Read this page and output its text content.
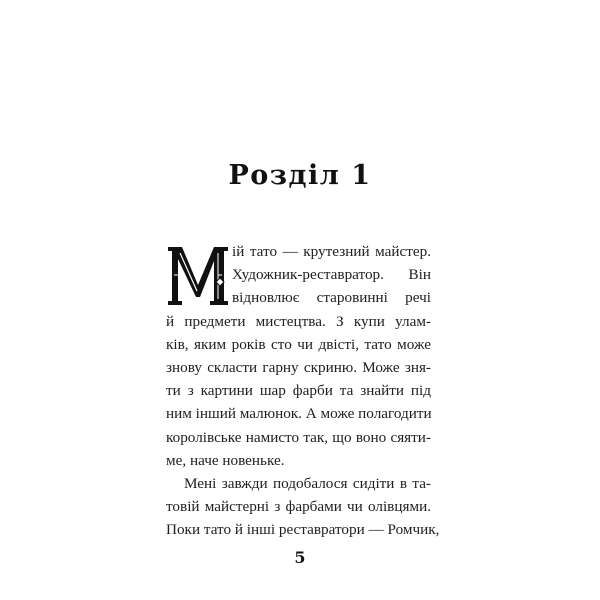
Розділ 1
ій тато — крутезний майстер.
Художник-реставратор. Він
відновлює старовинні речі
й предмети мистецтва. З купи улам-
ків, яким років сто чи двісті, тато може
знову скласти гарну скриню. Може зня-
ти з картини шар фарби та знайти під
ним інший малюнок. А може полагодити
королівське намисто так, що воно сяяти-
ме, наче новеньке.
Мені завжди подобалося сидіти в та-
товій майстерні з фарбами чи олівцями.
Поки тато й інші реставратори — Ромчик,
5
